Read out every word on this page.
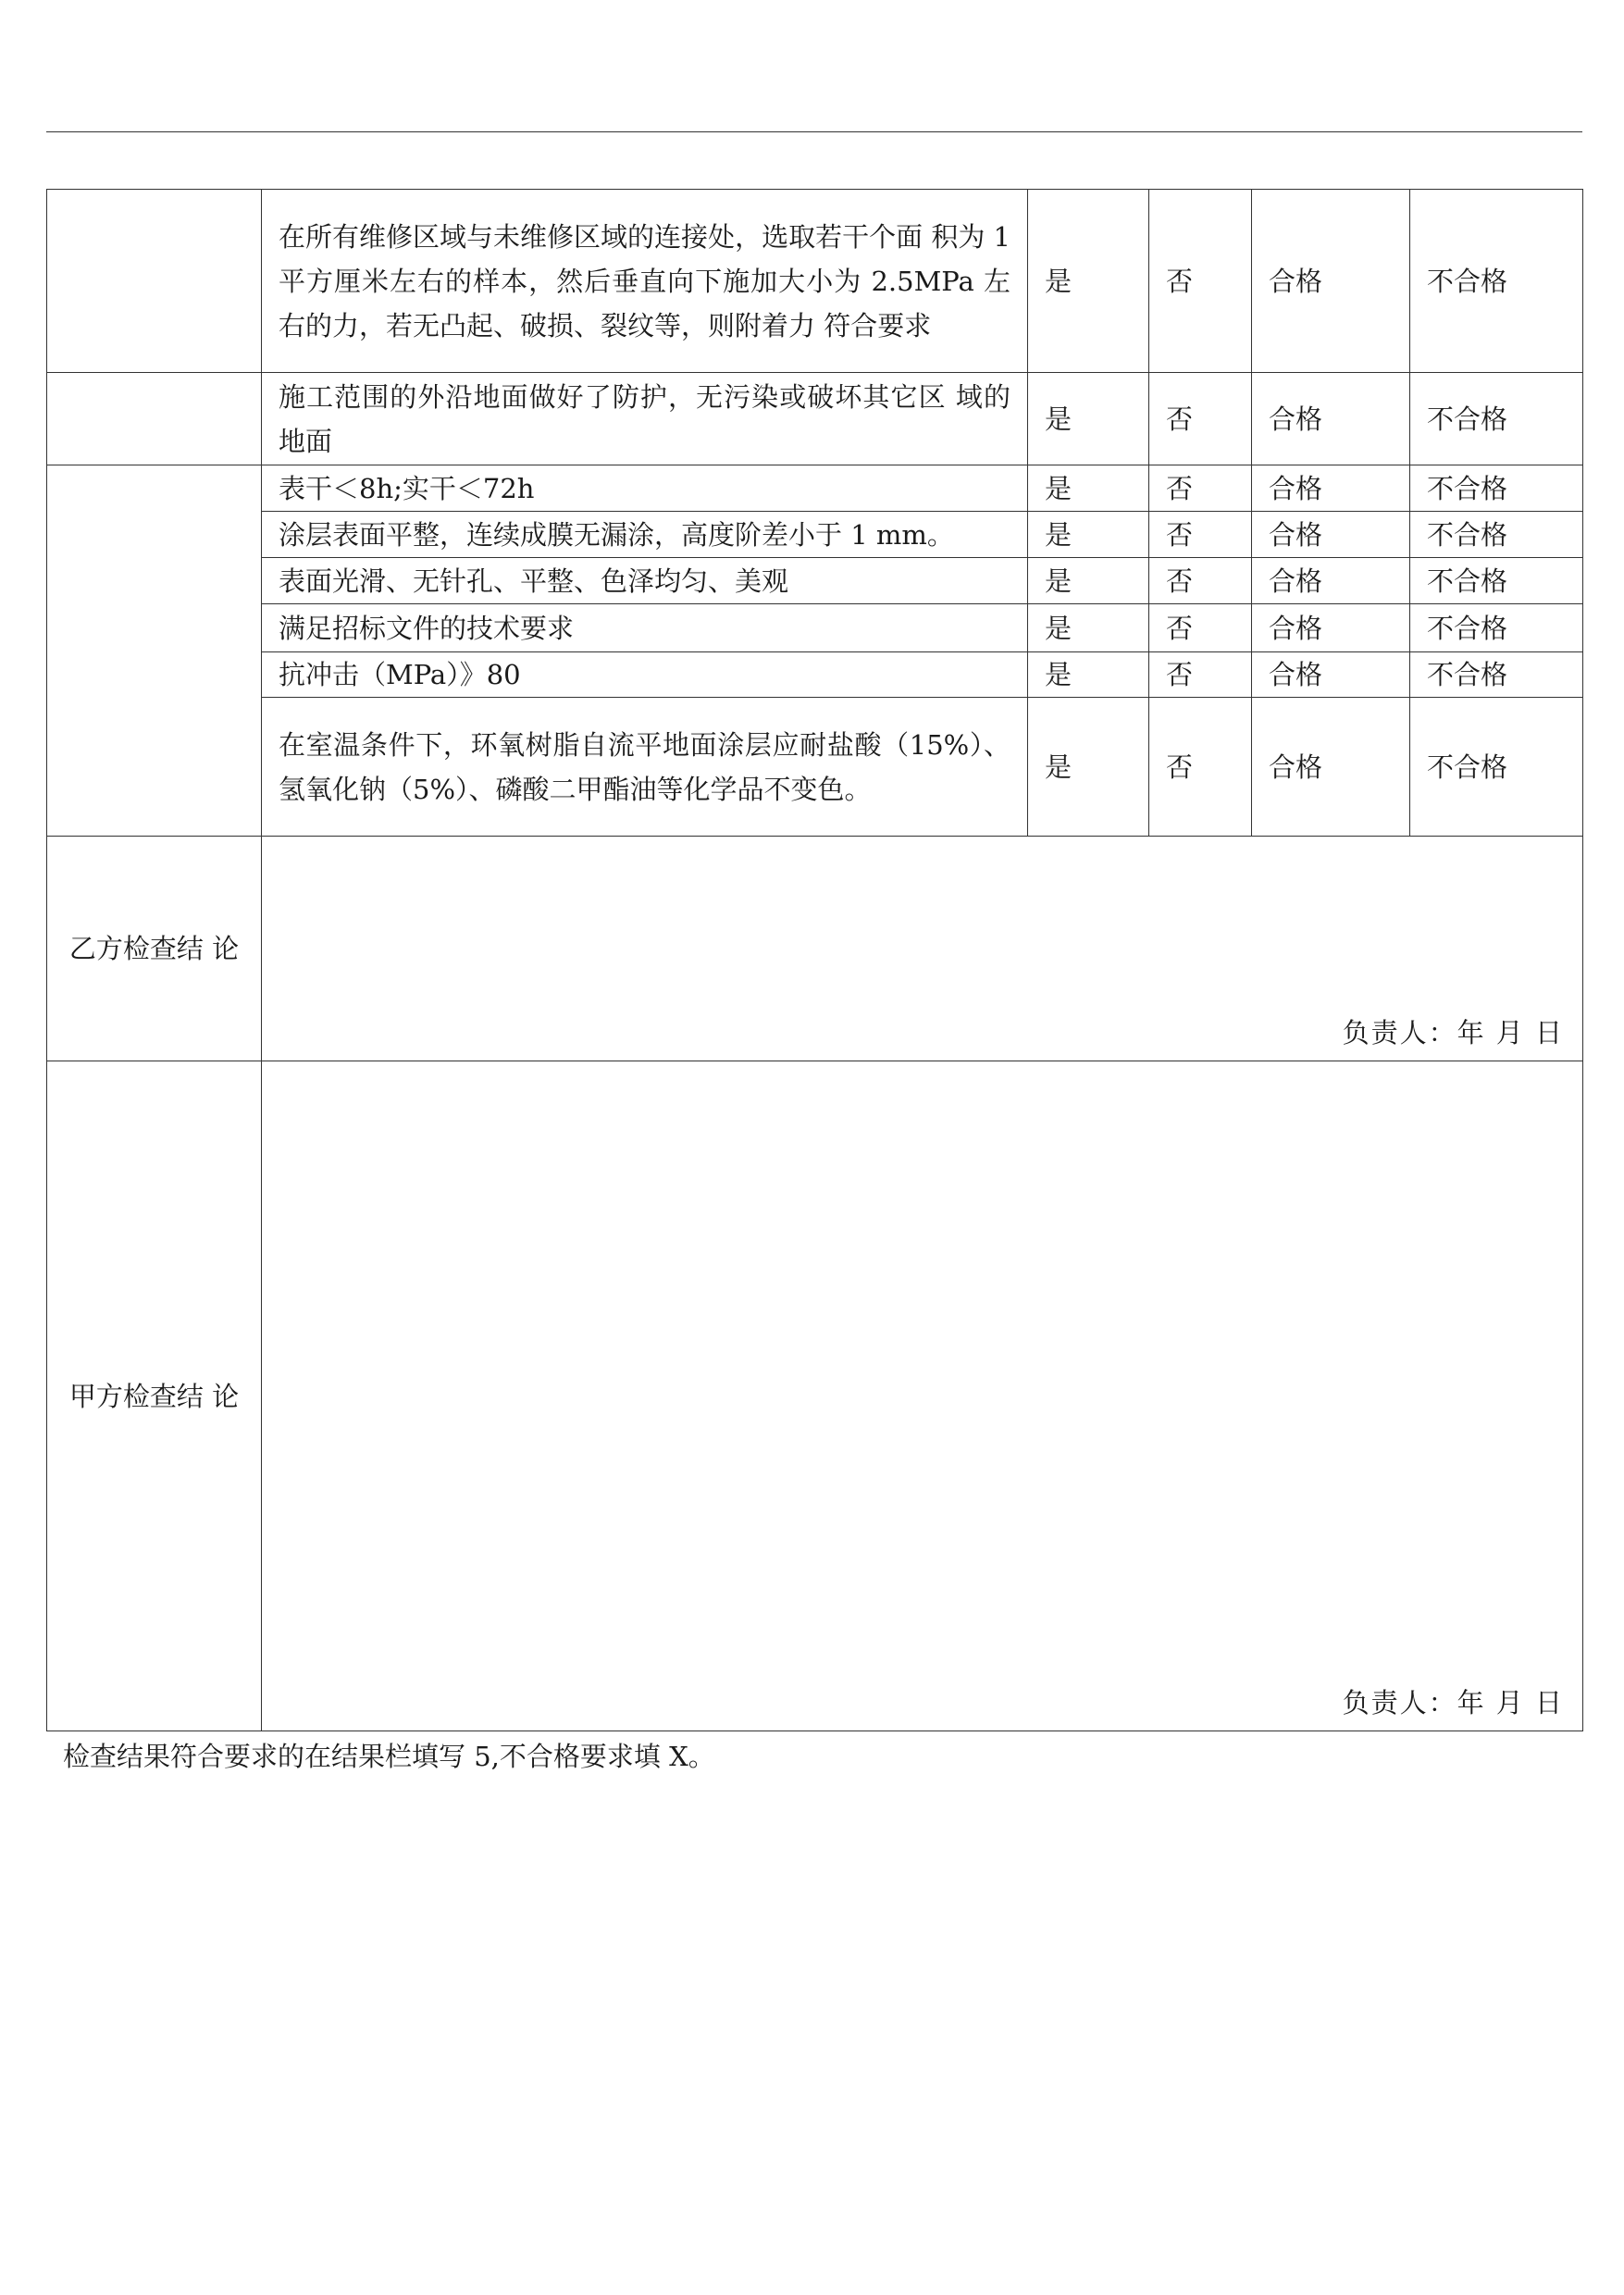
	在所有维修区域与未维修区域的连接处，选取若干个面 积为 1 平方厘米左右的样本，然后垂直向下施加大小为 2.5MPa 左右的力，若无凸起、破损、裂纹等，则附着力 符合要求	是	否	合格	不合格
	施工范围的外沿地面做好了防护，无污染或破坏其它区 域的地面	是	否	合格	不合格
	表干＜8h;实干＜72h	是	否	合格	不合格
	涂层表面平整，连续成膜无漏涂，高度阶差小于 1 mm。	是	否	合格	不合格
	表面光滑、无针孔、平整、色泽均匀、美观	是	否	合格	不合格
	满足招标文件的技术要求	是	否	合格	不合格
	抗冲击（MPa）》80	是	否	合格	不合格
	在室温条件下，环氧树脂自流平地面涂层应耐盐酸（15%）、氢氧化钠（5%）、磷酸二甲酯油等化学品不变色。	是	否	合格	不合格
乙方检查结 论	负责人：年 月 日				
甲方检查结 论	负责人：年 月 日				
检查结果符合要求的在结果栏填写 5,不合格要求填 X。
